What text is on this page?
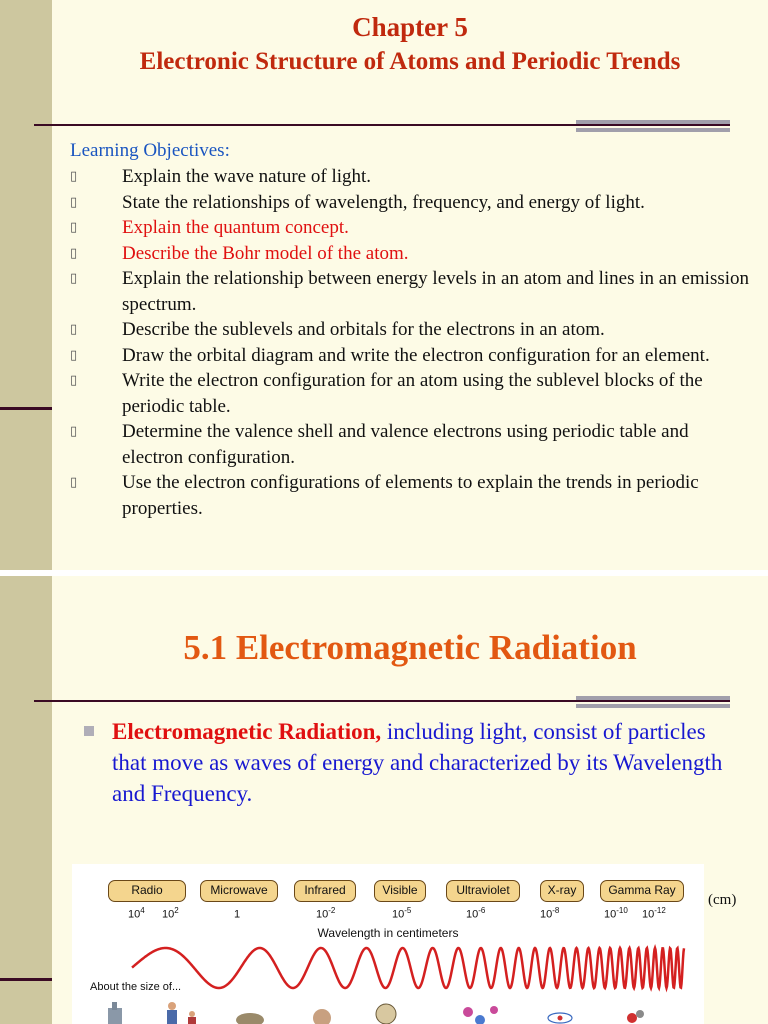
Chapter 5
Electronic Structure of Atoms and Periodic Trends
Learning Objectives:
▯ Explain the wave nature of light.
▯ State the relationships of wavelength, frequency, and energy of light.
▯ Explain the quantum concept.
▯ Describe the Bohr model of the atom.
▯ Explain the relationship between energy levels in an atom and lines in an emission spectrum.
▯ Describe the sublevels and orbitals for the electrons in an atom.
▯ Draw the orbital diagram and write the electron configuration for an element.
▯ Write the electron configuration for an atom using the sublevel blocks of the periodic table.
▯ Determine the valence shell and valence electrons using periodic table and electron configuration.
▯ Use the electron configurations of elements to explain the trends in periodic properties.
5.1 Electromagnetic Radiation
Electromagnetic Radiation, including light, consist of particles that move as waves of energy and characterized by its Wavelength and Frequency.
Radio	Microwave	Infrared	Visible	Ultraviolet	X-ray	Gamma Ray
$10^4$ $10^2$	1	$10^{-2}$	$10^{-5}$	$10^{-6}$	$10^{-8}$	$10^{-10}$ $10^{-12}$
Wavelength in centimeters
About the size of...
(cm)
